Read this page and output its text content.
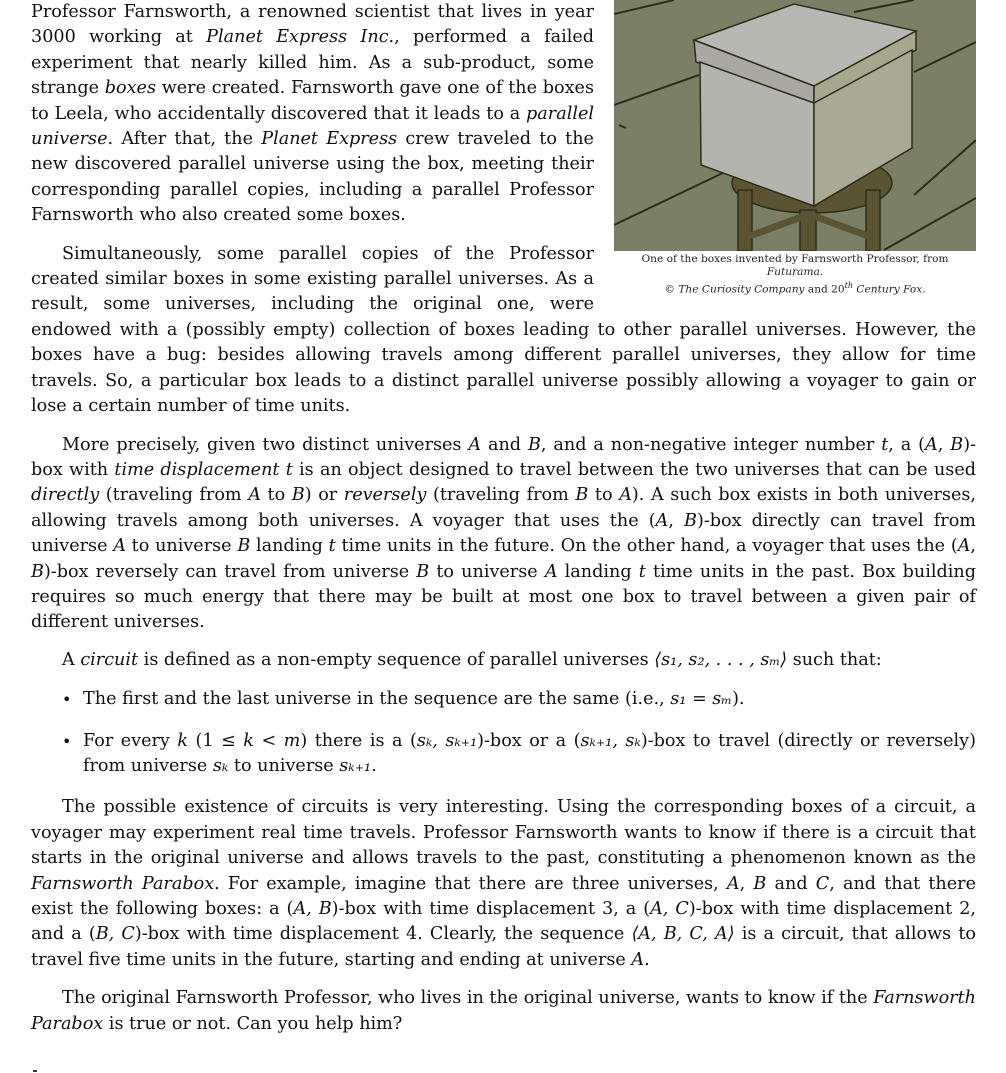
One of the boxes invented by Farnsworth Professor, from
Futurama.
© The Curiosity Company and 20th Century Fox.

Professor Farnsworth, a renowned scientist that lives in year 3000 working at Planet Express Inc., performed a failed experiment that nearly killed him. As a sub-product, some strange boxes were created. Farnsworth gave one of the boxes to Leela, who accidentally discovered that it leads to a parallel universe. After that, the Planet Express crew traveled to the new discovered parallel universe using the box, meeting their corresponding parallel copies, including a parallel Professor Farnsworth who also created some boxes.

Simultaneously, some parallel copies of the Professor created similar boxes in some existing parallel universes. As a result, some universes, including the original one, were endowed with a (possibly empty) collection of boxes leading to other parallel universes. However, the boxes have a bug: besides allowing travels among different parallel universes, they allow for time travels. So, a particular box leads to a distinct parallel universe possibly allowing a voyager to gain or lose a certain number of time units.

More precisely, given two distinct universes A and B, and a non-negative integer number t, a (A, B)-box with time displacement t is an object designed to travel between the two universes that can be used directly (traveling from A to B) or reversely (traveling from B to A). A such box exists in both universes, allowing travels among both universes. A voyager that uses the (A, B)-box directly can travel from universe A to universe B landing t time units in the future. On the other hand, a voyager that uses the (A, B)-box reversely can travel from universe B to universe A landing t time units in the past. Box building requires so much energy that there may be built at most one box to travel between a given pair of different universes.

A circuit is defined as a non-empty sequence of parallel universes ⟨s₁, s₂, . . . , sₘ⟩ such that:

• The first and the last universe in the sequence are the same (i.e., s₁ = sₘ).
• For every k (1 ≤ k < m) there is a (sₖ, sₖ₊₁)-box or a (sₖ₊₁, sₖ)-box to travel (directly or reversely) from universe sₖ to universe sₖ₊₁.

The possible existence of circuits is very interesting. Using the corresponding boxes of a circuit, a voyager may experiment real time travels. Professor Farnsworth wants to know if there is a circuit that starts in the original universe and allows travels to the past, constituting a phenomenon known as the Farnsworth Parabox. For example, imagine that there are three universes, A, B and C, and that there exist the following boxes: a (A, B)-box with time displacement 3, a (A, C)-box with time displacement 2, and a (B, C)-box with time displacement 4. Clearly, the sequence ⟨A, B, C, A⟩ is a circuit, that allows to travel five time units in the future, starting and ending at universe A.

The original Farnsworth Professor, who lives in the original universe, wants to know if the Farnsworth Parabox is true or not. Can you help him?
